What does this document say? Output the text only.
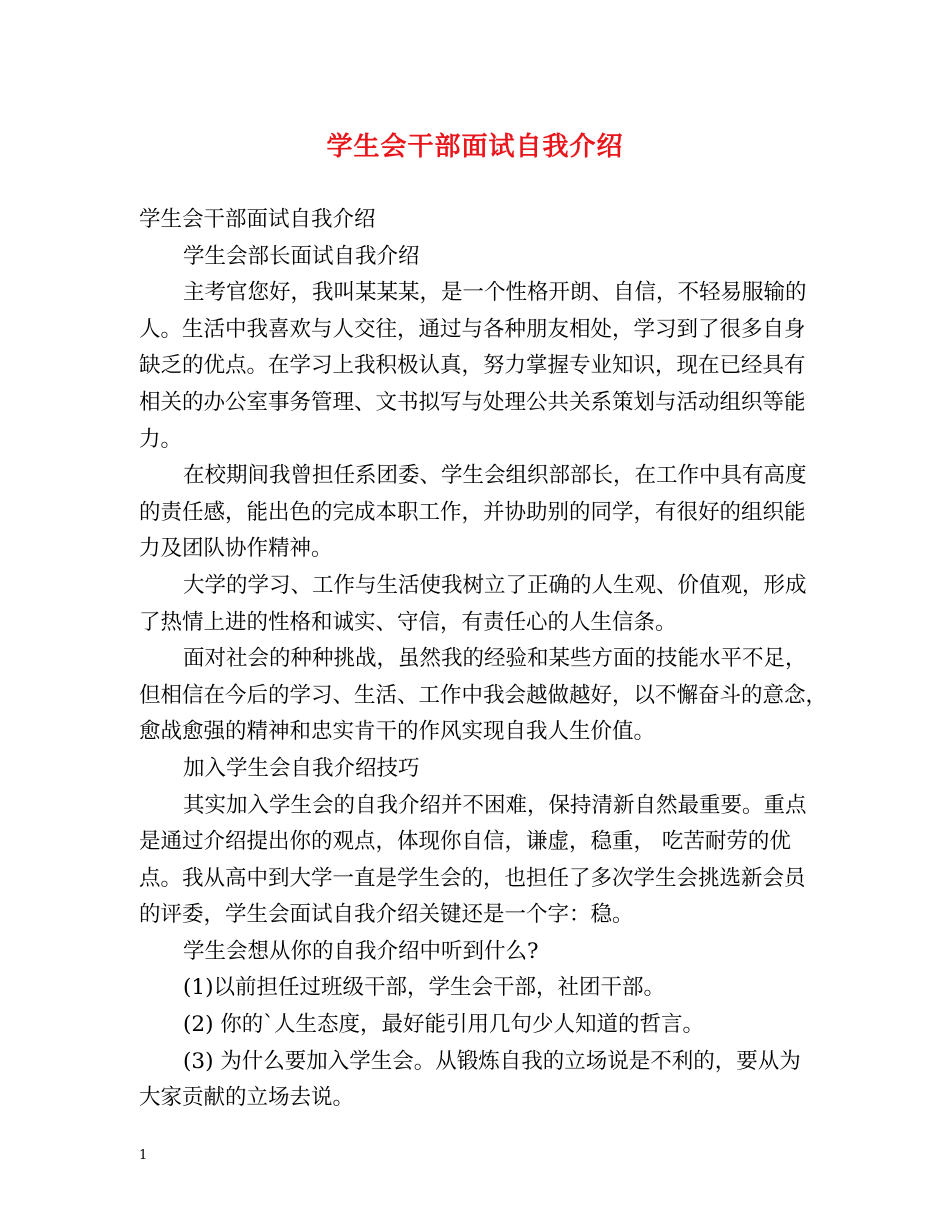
学生会干部面试自我介绍
学生会干部面试自我介绍
学生会部长面试自我介绍
主考官您好，我叫某某某，是一个性格开朗、自信，不轻易服输的
人。生活中我喜欢与人交往，通过与各种朋友相处，学习到了很多自身
缺乏的优点。在学习上我积极认真，努力掌握专业知识，现在已经具有
相关的办公室事务管理、文书拟写与处理公共关系策划与活动组织等能
力。
在校期间我曾担任系团委、学生会组织部部长，在工作中具有高度
的责任感，能出色的完成本职工作，并协助别的同学，有很好的组织能
力及团队协作精神。
大学的学习、工作与生活使我树立了正确的人生观、价值观，形成
了热情上进的性格和诚实、守信，有责任心的人生信条。
面对社会的种种挑战，虽然我的经验和某些方面的技能水平不足，
但相信在今后的学习、生活、工作中我会越做越好，以不懈奋斗的意念，
愈战愈强的精神和忠实肯干的作风实现自我人生价值。
加入学生会自我介绍技巧
其实加入学生会的自我介绍并不困难，保持清新自然最重要。重点
是通过介绍提出你的观点，体现你自信，谦虚，稳重， 吃苦耐劳的优
点。我从高中到大学一直是学生会的，也担任了多次学生会挑选新会员
的评委，学生会面试自我介绍关键还是一个字：稳。
学生会想从你的自我介绍中听到什么?
(1)以前担任过班级干部，学生会干部，社团干部。
(2) 你的`人生态度，最好能引用几句少人知道的哲言。
(3) 为什么要加入学生会。从锻炼自我的立场说是不利的，要从为
大家贡献的立场去说。
1
